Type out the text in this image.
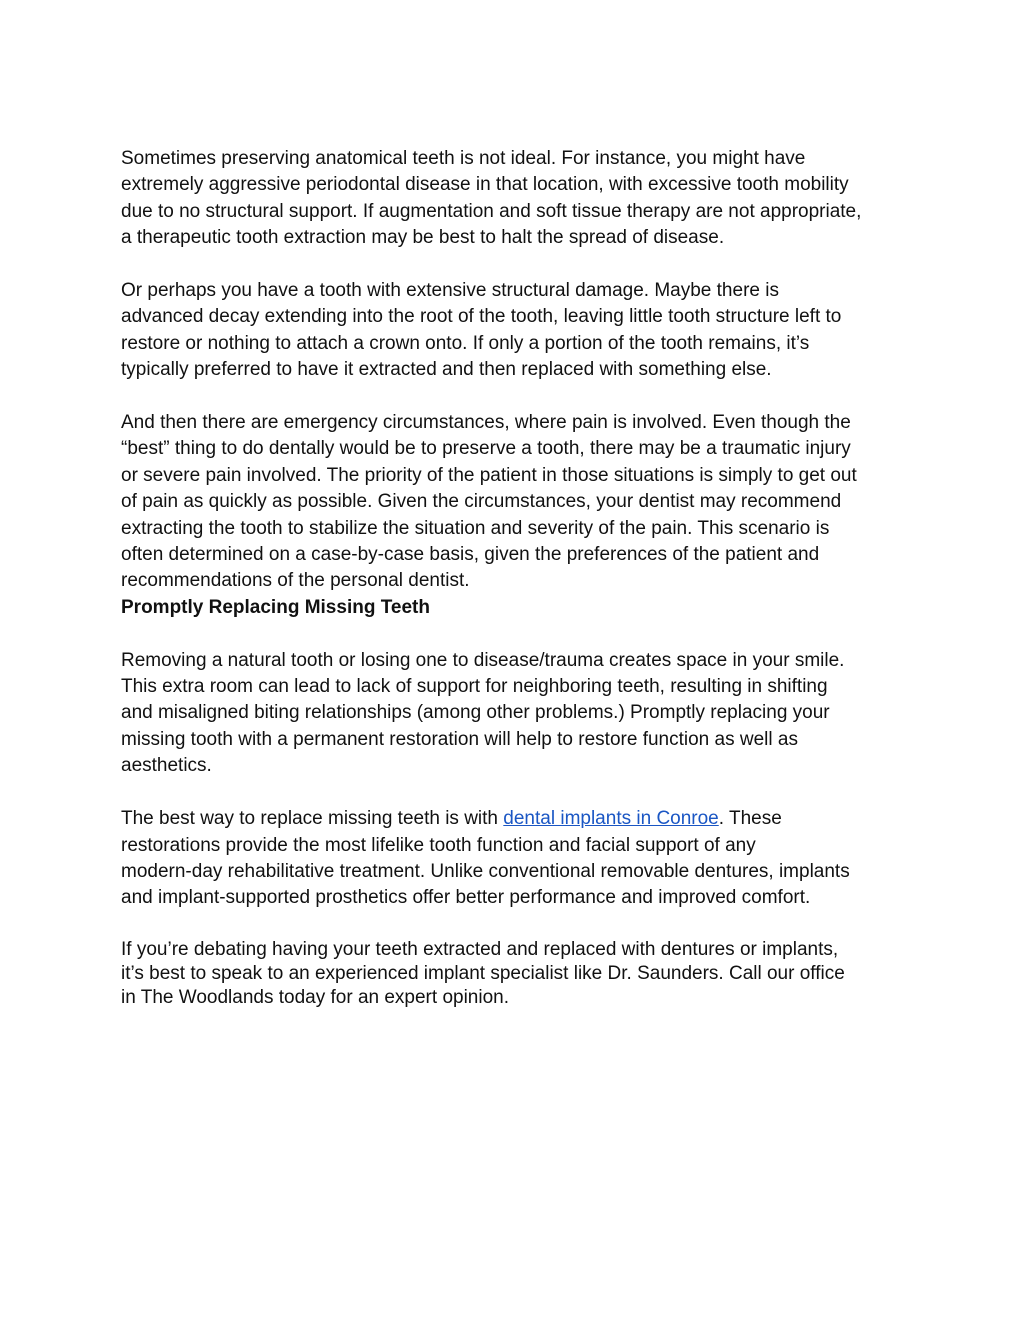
Sometimes preserving anatomical teeth is not ideal. For instance, you might have
extremely aggressive periodontal disease in that location, with excessive tooth mobility
due to no structural support. If augmentation and soft tissue therapy are not appropriate,
a therapeutic tooth extraction may be best to halt the spread of disease.

Or perhaps you have a tooth with extensive structural damage. Maybe there is
advanced decay extending into the root of the tooth, leaving little tooth structure left to
restore or nothing to attach a crown onto. If only a portion of the tooth remains, it’s
typically preferred to have it extracted and then replaced with something else.

And then there are emergency circumstances, where pain is involved. Even though the
“best” thing to do dentally would be to preserve a tooth, there may be a traumatic injury
or severe pain involved. The priority of the patient in those situations is simply to get out
of pain as quickly as possible. Given the circumstances, your dentist may recommend
extracting the tooth to stabilize the situation and severity of the pain. This scenario is
often determined on a case-by-case basis, given the preferences of the patient and
recommendations of the personal dentist.

Promptly Replacing Missing Teeth

Removing a natural tooth or losing one to disease/trauma creates space in your smile.
This extra room can lead to lack of support for neighboring teeth, resulting in shifting
and misaligned biting relationships (among other problems.) Promptly replacing your
missing tooth with a permanent restoration will help to restore function as well as
aesthetics.

The best way to replace missing teeth is with dental implants in Conroe. These
restorations provide the most lifelike tooth function and facial support of any
modern-day rehabilitative treatment. Unlike conventional removable dentures, implants
and implant-supported prosthetics offer better performance and improved comfort.

If you’re debating having your teeth extracted and replaced with dentures or implants,
it’s best to speak to an experienced implant specialist like Dr. Saunders. Call our office
in The Woodlands today for an expert opinion.
